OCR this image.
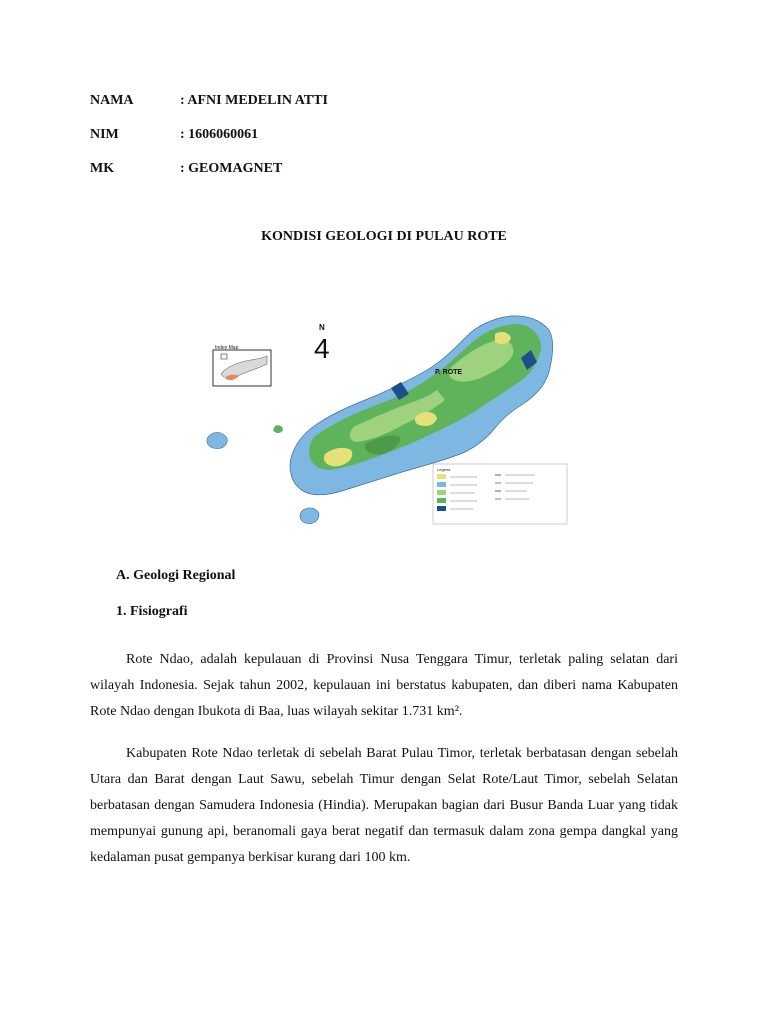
NAMA	: AFNI MEDELIN ATTI
NIM	: 1606060061
MK	: GEOMAGNET
KONDISI GEOLOGI DI PULAU ROTE
Index Map
N
4
P. ROTE
Legend
A. Geologi Regional
1. Fisiografi

Rote Ndao, adalah kepulauan di Provinsi Nusa Tenggara Timur, terletak paling selatan dari wilayah Indonesia. Sejak tahun 2002, kepulauan ini berstatus kabupaten, dan diberi nama Kabupaten Rote Ndao dengan Ibukota di Baa, luas wilayah sekitar 1.731 km².

Kabupaten Rote Ndao terletak di sebelah Barat Pulau Timor, terletak berbatasan dengan sebelah Utara dan Barat dengan Laut Sawu, sebelah Timur dengan Selat Rote/Laut Timor, sebelah Selatan berbatasan dengan Samudera Indonesia (Hindia). Merupakan bagian dari Busur Banda Luar yang tidak mempunyai gunung api, beranomali gaya berat negatif dan termasuk dalam zona gempa dangkal yang kedalaman pusat gempanya berkisar kurang dari 100 km.
